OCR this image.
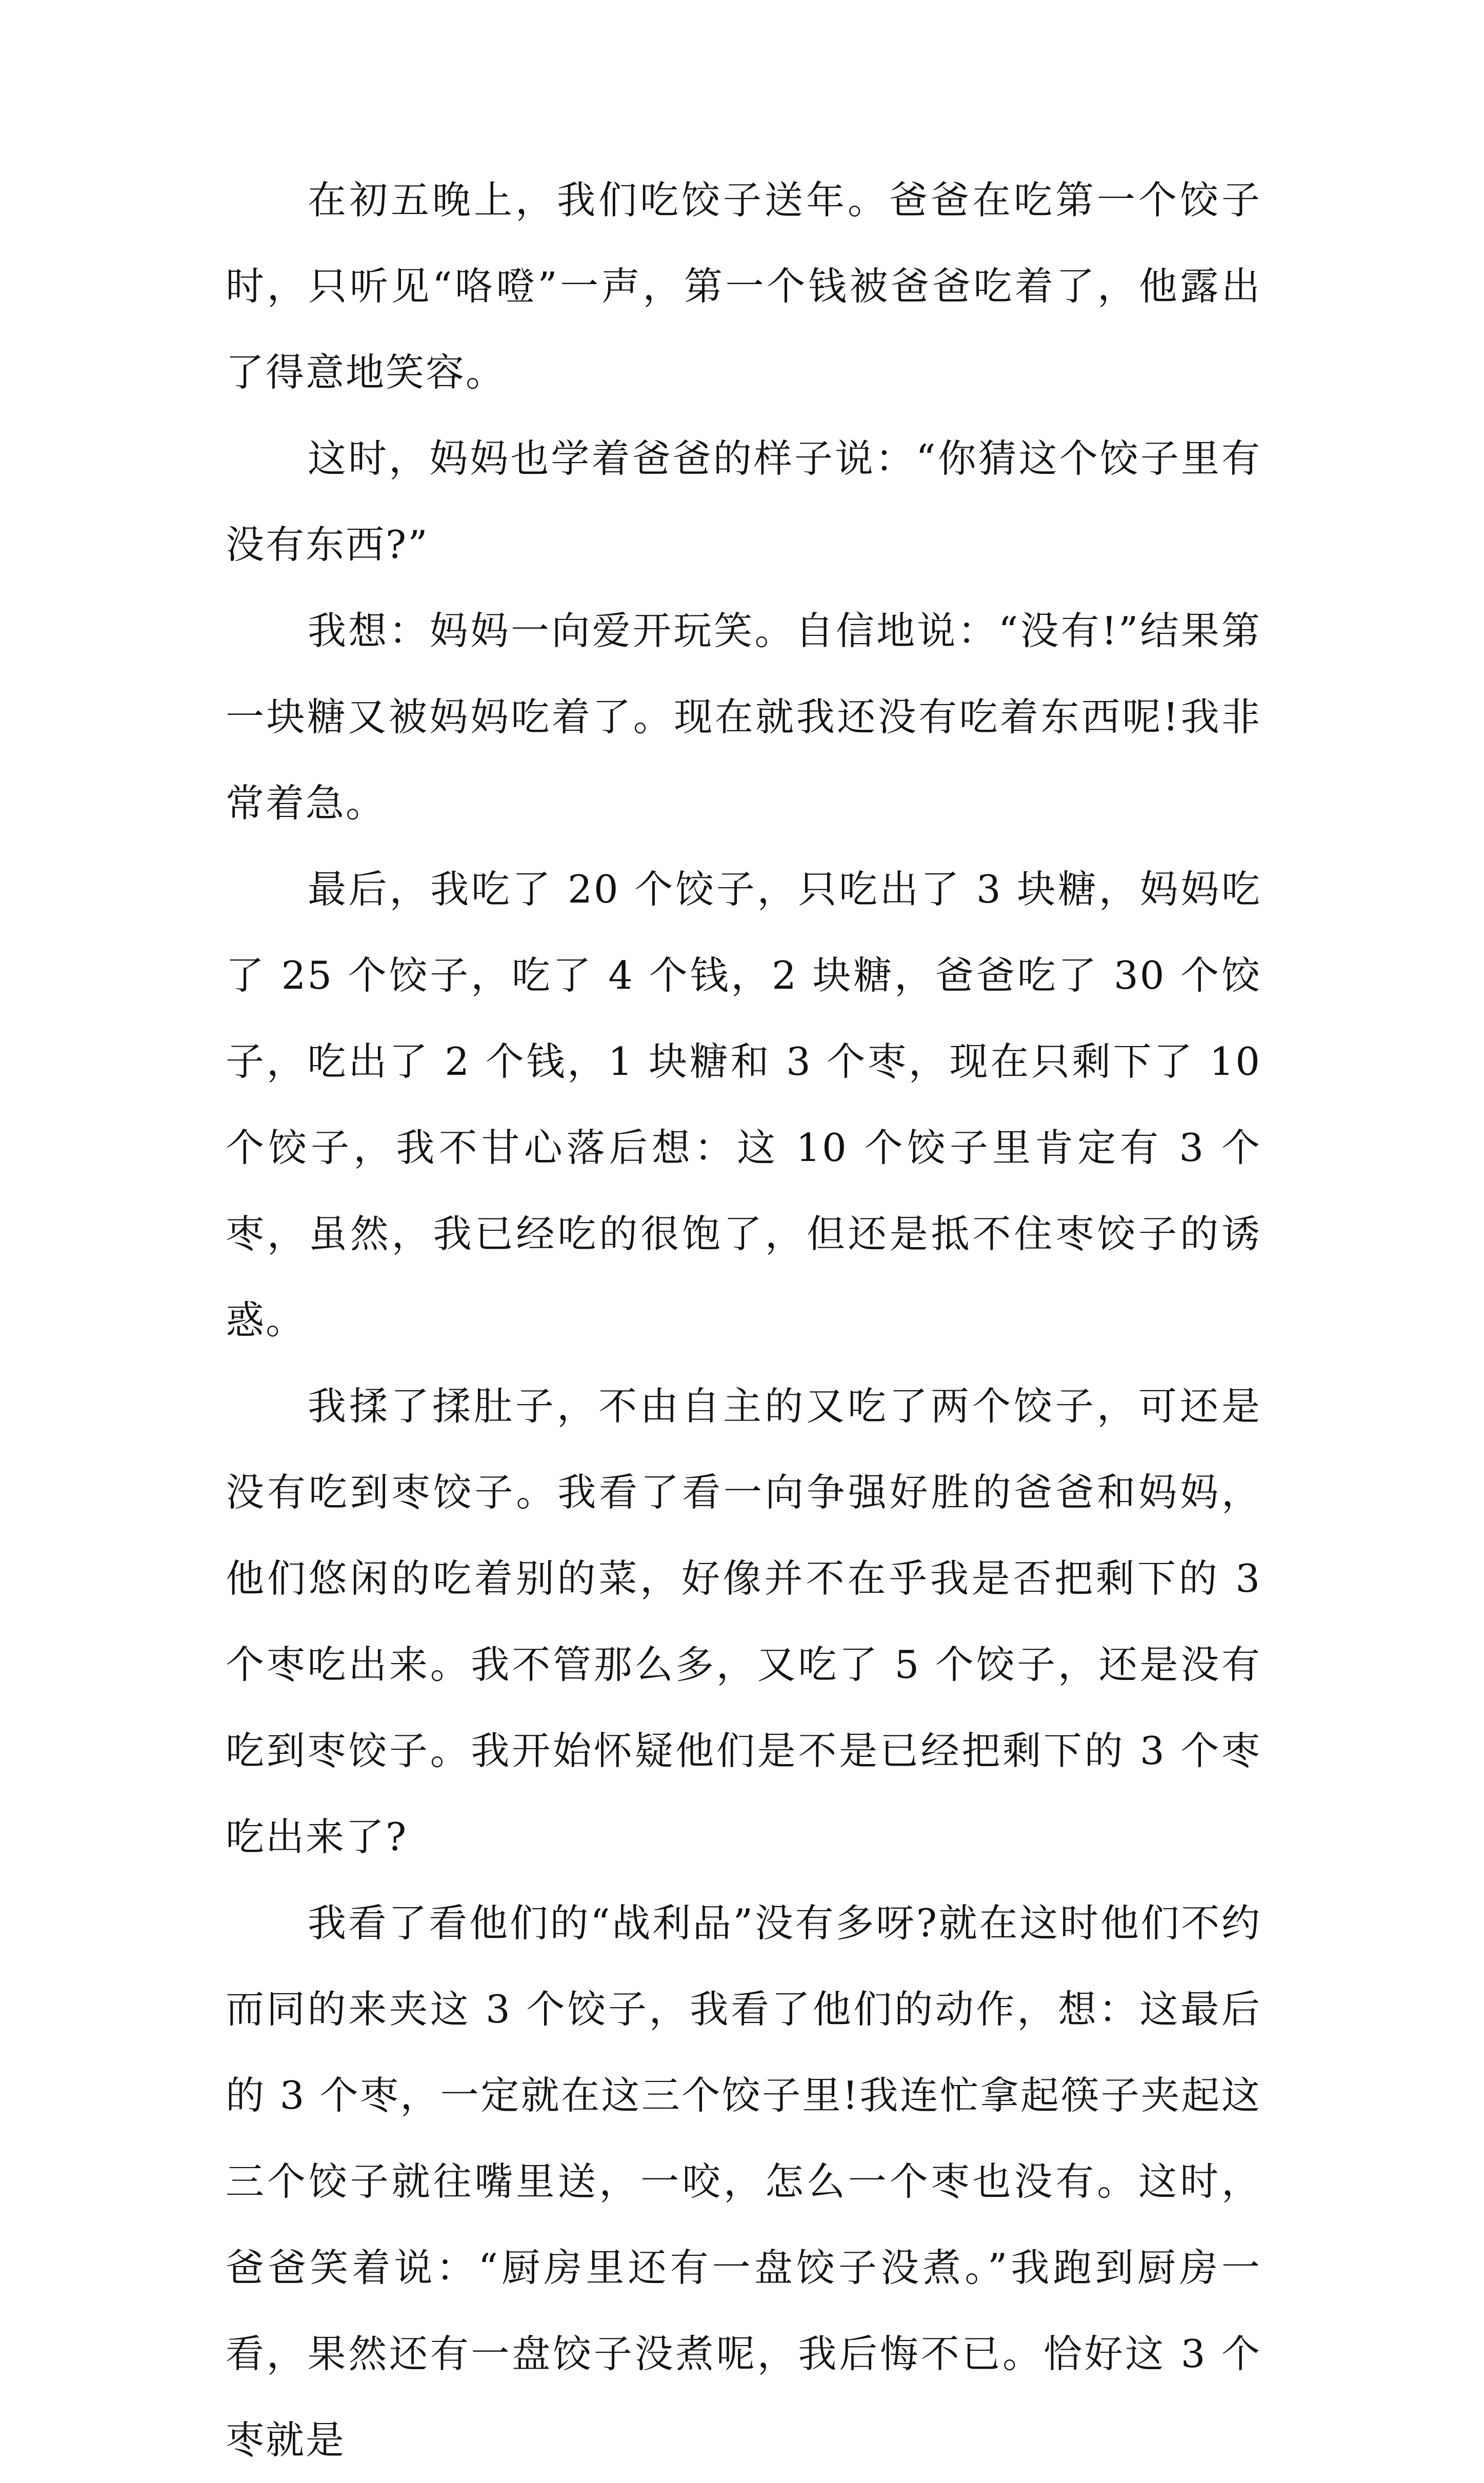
在初五晚上，我们吃饺子送年。爸爸在吃第一个饺子时，只听见“咯噔”一声，第一个钱被爸爸吃着了，他露出了得意地笑容。

这时，妈妈也学着爸爸的样子说：“你猜这个饺子里有没有东西?”

我想：妈妈一向爱开玩笑。自信地说：“没有!”结果第一块糖又被妈妈吃着了。现在就我还没有吃着东西呢!我非常着急。

最后，我吃了 20 个饺子，只吃出了 3 块糖，妈妈吃了 25 个饺子，吃了 4 个钱，2 块糖，爸爸吃了 30 个饺子，吃出了 2 个钱，1 块糖和 3 个枣，现在只剩下了 10 个饺子，我不甘心落后想：这 10 个饺子里肯定有 3 个枣，虽然，我已经吃的很饱了，但还是抵不住枣饺子的诱惑。

我揉了揉肚子，不由自主的又吃了两个饺子，可还是没有吃到枣饺子。我看了看一向争强好胜的爸爸和妈妈，他们悠闲的吃着别的菜，好像并不在乎我是否把剩下的 3 个枣吃出来。我不管那么多，又吃了 5 个饺子，还是没有吃到枣饺子。我开始怀疑他们是不是已经把剩下的 3 个枣吃出来了?

我看了看他们的“战利品”没有多呀?就在这时他们不约而同的来夹这 3 个饺子，我看了他们的动作，想：这最后的 3 个枣，一定就在这三个饺子里!我连忙拿起筷子夹起这三个饺子就往嘴里送，一咬，怎么一个枣也没有。这时，爸爸笑着说：“厨房里还有一盘饺子没煮。”我跑到厨房一看，果然还有一盘饺子没煮呢，我后悔不已。恰好这 3 个枣就是
